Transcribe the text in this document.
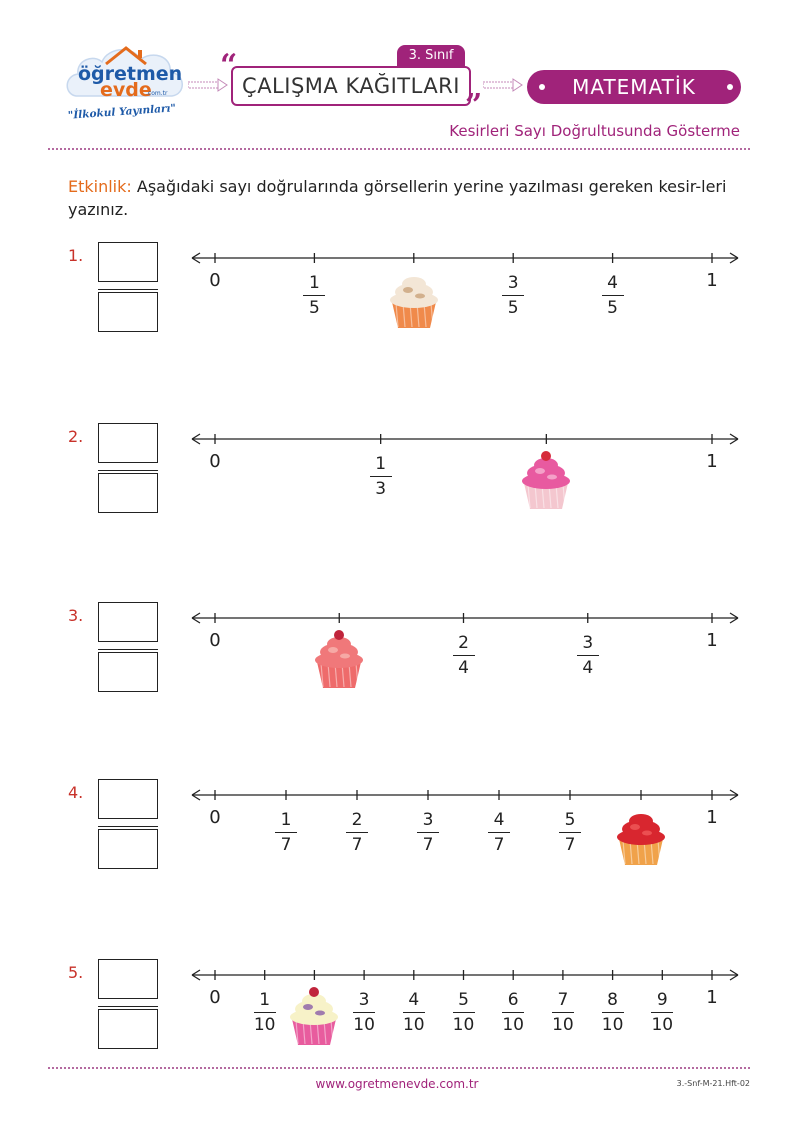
öğretmen
evde
.com.tr
"İlkokul Yayınları"
3. Sınıf
ÇALIŞMA KAĞITLARI
“
”
MATEMATİK
Kesirleri Sayı Doğrultusunda Gösterme
Etkinlik: Aşağıdaki sayı doğrularında görsellerin yerine yazılması gereken kesir-leri yazınız.
1.
0	1
1
5
3
5
4
5
2.
0	1
1
3
3.
0	1
2
4
3
4
4.
0	1
1
7
2
7
3
7
4
7
5
7
5.
0	1
1
10
3
10
4
10
5
10
6
10
7
10
8
10
9
10
www.ogretmenevde.com.tr	3.-Snf-M-21.Hft-02
